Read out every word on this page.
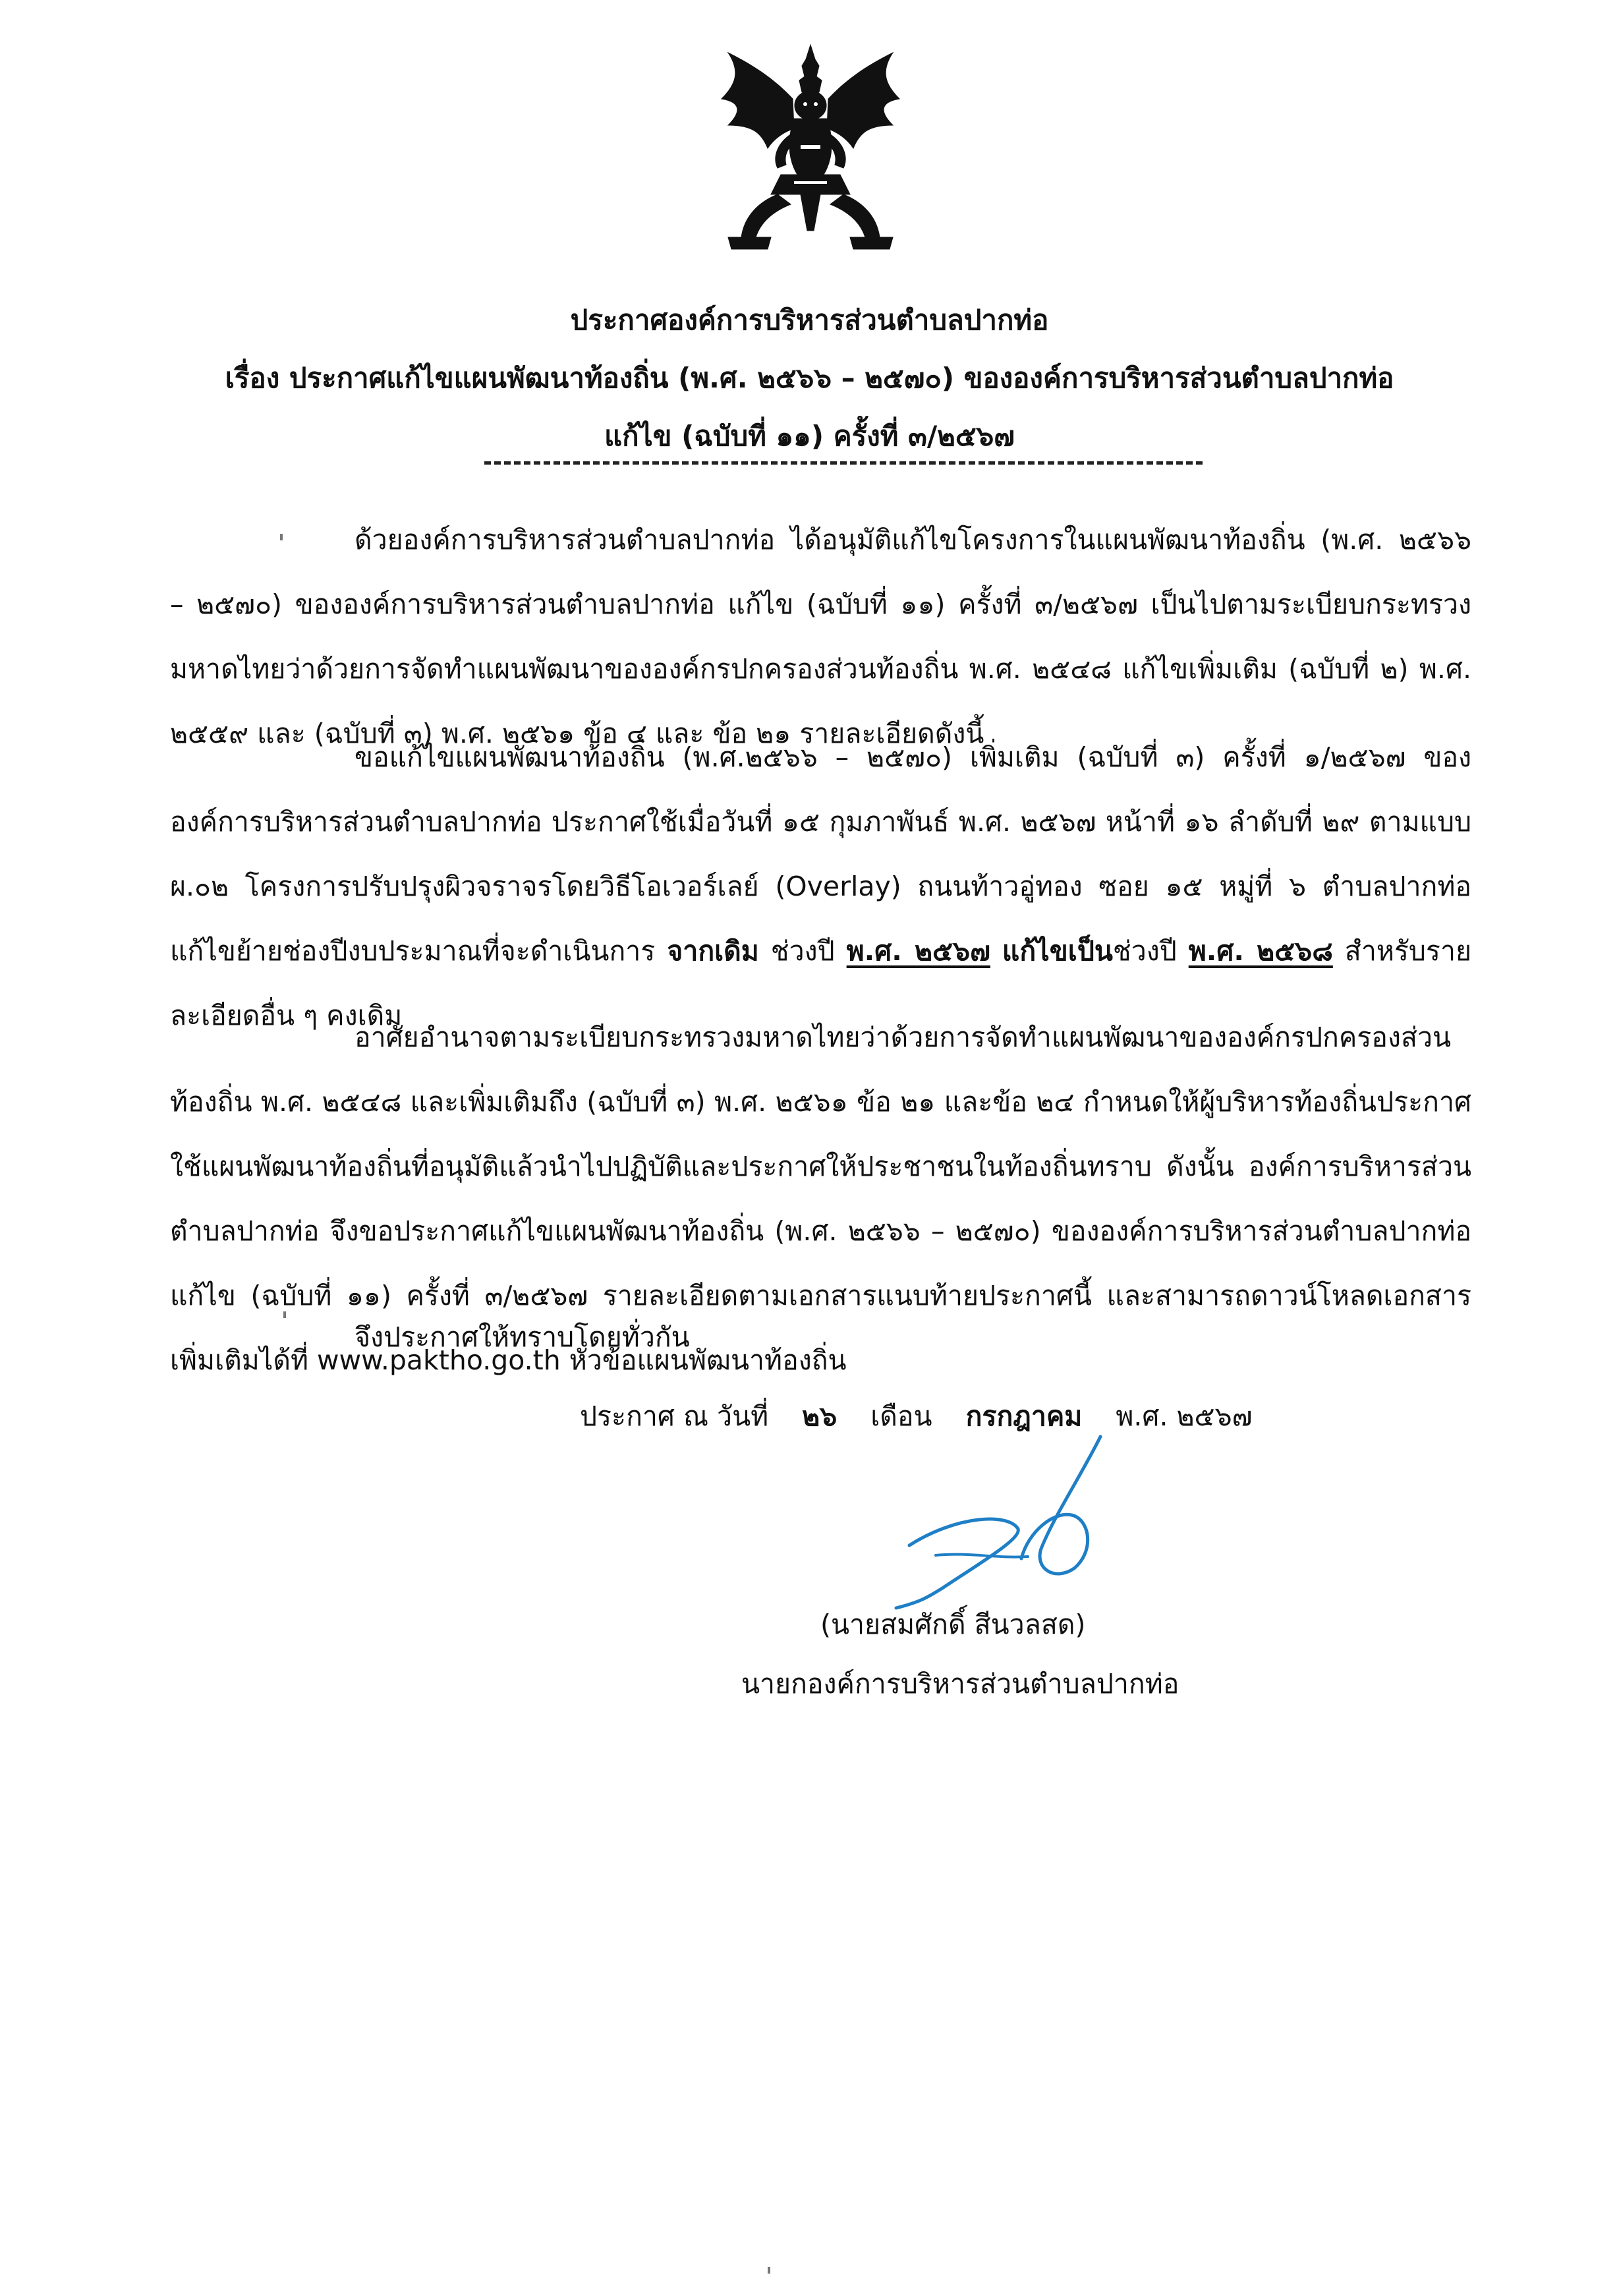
ประกาศองค์การบริหารส่วนตำบลปากท่อ
เรื่อง ประกาศแก้ไขแผนพัฒนาท้องถิ่น (พ.ศ. ๒๕๖๖ – ๒๕๗๐) ขององค์การบริหารส่วนตำบลปากท่อ
แก้ไข (ฉบับที่ ๑๑) ครั้งที่ ๓/๒๕๖๗
ด้วยองค์การบริหารส่วนตำบลปากท่อ ได้อนุมัติแก้ไขโครงการในแผนพัฒนาท้องถิ่น (พ.ศ. ๒๕๖๖ – ๒๕๗๐) ขององค์การบริหารส่วนตำบลปากท่อ แก้ไข (ฉบับที่ ๑๑) ครั้งที่ ๓/๒๕๖๗ เป็นไปตามระเบียบกระทรวงมหาดไทยว่าด้วยการจัดทำแผนพัฒนาขององค์กรปกครองส่วนท้องถิ่น พ.ศ. ๒๕๔๘ แก้ไขเพิ่มเติม (ฉบับที่ ๒) พ.ศ. ๒๕๕๙ และ (ฉบับที่ ๓) พ.ศ. ๒๕๖๑ ข้อ ๔ และ ข้อ ๒๑ รายละเอียดดังนี้
ขอแก้ไขแผนพัฒนาท้องถิ่น (พ.ศ.๒๕๖๖ – ๒๕๗๐) เพิ่มเติม (ฉบับที่ ๓) ครั้งที่ ๑/๒๕๖๗ ขององค์การบริหารส่วนตำบลปากท่อ ประกาศใช้เมื่อวันที่ ๑๕ กุมภาพันธ์ พ.ศ. ๒๕๖๗ หน้าที่ ๑๖ ลำดับที่ ๒๙ ตามแบบ ผ.๐๒ โครงการปรับปรุงผิวจราจรโดยวิธีโอเวอร์เลย์ (Overlay) ถนนท้าวอู่ทอง ซอย ๑๕ หมู่ที่ ๖ ตำบลปากท่อ แก้ไขย้ายช่องปีงบประมาณที่จะดำเนินการ จากเดิม ช่วงปี พ.ศ. ๒๕๖๗ แก้ไขเป็นช่วงปี พ.ศ. ๒๕๖๘ สำหรับรายละเอียดอื่น ๆ คงเดิม
อาศัยอำนาจตามระเบียบกระทรวงมหาดไทยว่าด้วยการจัดทำแผนพัฒนาขององค์กรปกครองส่วนท้องถิ่น พ.ศ. ๒๕๔๘ และเพิ่มเติมถึง (ฉบับที่ ๓) พ.ศ. ๒๕๖๑ ข้อ ๒๑ และข้อ ๒๔ กำหนดให้ผู้บริหารท้องถิ่นประกาศใช้แผนพัฒนาท้องถิ่นที่อนุมัติแล้วนำไปปฏิบัติและประกาศให้ประชาชนในท้องถิ่นทราบ ดังนั้น องค์การบริหารส่วนตำบลปากท่อ จึงขอประกาศแก้ไขแผนพัฒนาท้องถิ่น (พ.ศ. ๒๕๖๖ – ๒๕๗๐) ขององค์การบริหารส่วนตำบลปากท่อ แก้ไข (ฉบับที่ ๑๑) ครั้งที่ ๓/๒๕๖๗ รายละเอียดตามเอกสารแนบท้ายประกาศนี้ และสามารถดาวน์โหลดเอกสารเพิ่มเติมได้ที่ www.paktho.go.th หัวข้อแผนพัฒนาท้องถิ่น
จึงประกาศให้ทราบโดยทั่วกัน
ประกาศ ณ วันที่ ๒๖ เดือน กรกฎาคม พ.ศ. ๒๕๖๗
(นายสมศักดิ์ สีนวลสด)
นายกองค์การบริหารส่วนตำบลปากท่อ
